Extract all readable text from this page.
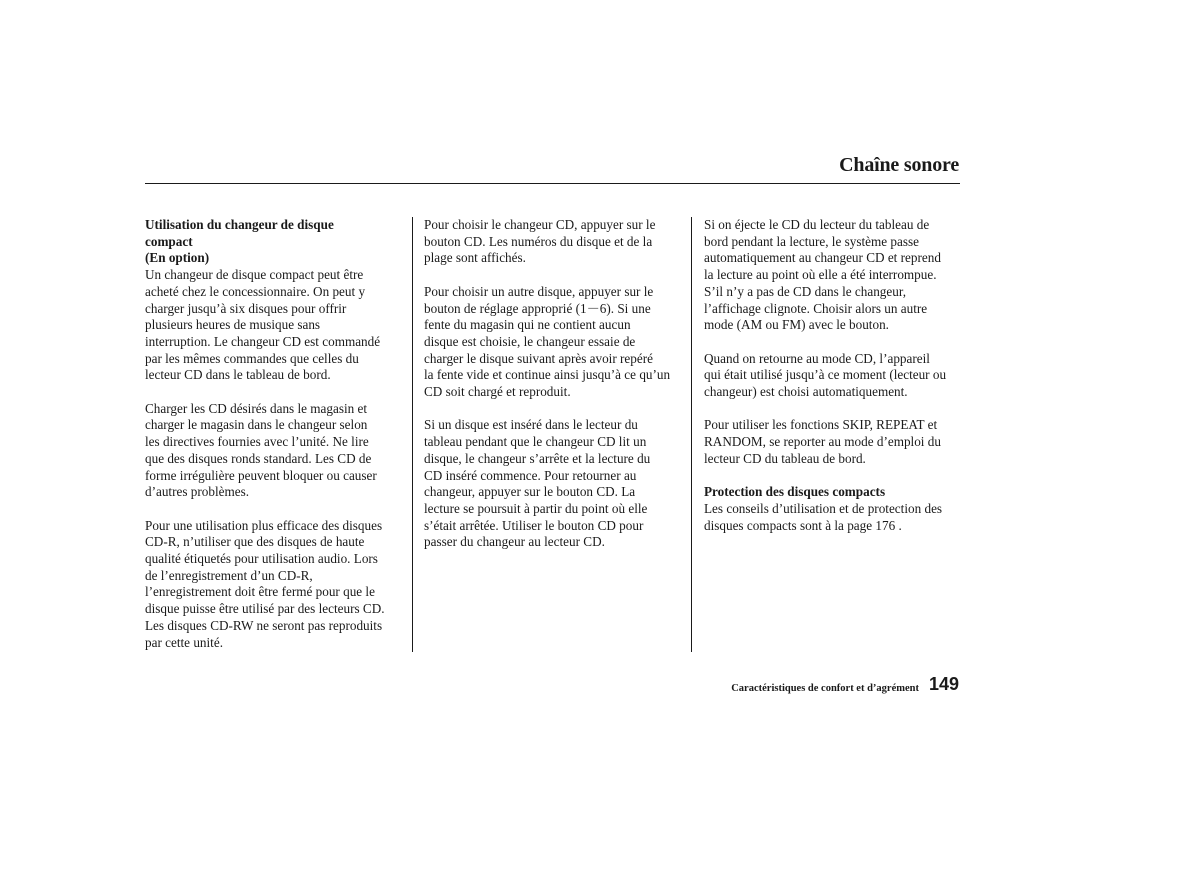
Chaîne sonore

Utilisation du changeur de disque

compact

(En option)

Un changeur de disque compact peut être

acheté chez le concessionnaire. On peut y

charger jusqu’à six disques pour offrir

plusieurs heures de musique sans

interruption. Le changeur CD est commandé

par les mêmes commandes que celles du

lecteur CD dans le tableau de bord.

Charger les CD désirés dans le magasin et

charger le magasin dans le changeur selon

les directives fournies avec l’unité. Ne lire

que des disques ronds standard. Les CD de

forme irrégulière peuvent bloquer ou causer

d’autres problèmes.

Pour une utilisation plus efficace des disques

CD-R, n’utiliser que des disques de haute

qualité étiquetés pour utilisation audio. Lors

de l’enregistrement d’un CD-R,

l’enregistrement doit être fermé pour que le

disque puisse être utilisé par des lecteurs CD.

Les disques CD-RW ne seront pas reproduits

par cette unité.

Pour choisir le changeur CD, appuyer sur le

bouton CD. Les numéros du disque et de la

plage sont affichés.

Pour choisir un autre disque, appuyer sur le

bouton de réglage approprié (1－6). Si une

fente du magasin qui ne contient aucun

disque est choisie, le changeur essaie de

charger le disque suivant après avoir repéré

la fente vide et continue ainsi jusqu’à ce qu’un

CD soit chargé et reproduit.

Si un disque est inséré dans le lecteur du

tableau pendant que le changeur CD lit un

disque, le changeur s’arrête et la lecture du

CD inséré commence. Pour retourner au

changeur, appuyer sur le bouton CD. La

lecture se poursuit à partir du point où elle

s’était arrêtée. Utiliser le bouton CD pour

passer du changeur au lecteur CD.

Si on éjecte le CD du lecteur du tableau de

bord pendant la lecture, le système passe

automatiquement au changeur CD et reprend

la lecture au point où elle a été interrompue.

S’il n’y a pas de CD dans le changeur,

l’affichage clignote. Choisir alors un autre

mode (AM ou FM) avec le bouton.

Quand on retourne au mode CD, l’appareil

qui était utilisé jusqu’à ce moment (lecteur ou

changeur) est choisi automatiquement.

Pour utiliser les fonctions SKIP, REPEAT et

RANDOM, se reporter au mode d’emploi du

lecteur CD du tableau de bord.

Protection des disques compacts

Les conseils d’utilisation et de protection des

disques compacts sont à la page 176 .

Caractéristiques de confort et d’agrément 149
